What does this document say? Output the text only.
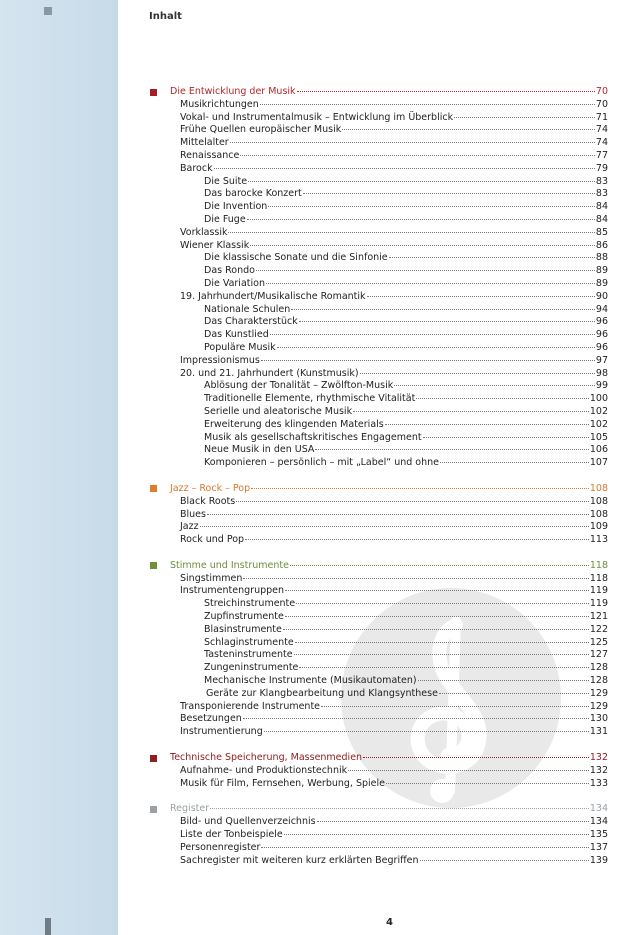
Inhalt
Die Entwicklung der Musik	70
Musikrichtungen	70
Vokal- und Instrumentalmusik – Entwicklung im Überblick	71
Frühe Quellen europäischer Musik	74
Mittelalter	74
Renaissance	77
Barock	79
Die Suite	83
Das barocke Konzert	83
Die Invention	84
Die Fuge	84
Vorklassik	85
Wiener Klassik	86
Die klassische Sonate und die Sinfonie	88
Das Rondo	89
Die Variation	89
19. Jahrhundert/Musikalische Romantik	90
Nationale Schulen	94
Das Charakterstück	96
Das Kunstlied	96
Populäre Musik	96
Impressionismus	97
20. und 21. Jahrhundert (Kunstmusik)	98
Ablösung der Tonalität – Zwölfton-Musik	99
Traditionelle Elemente, rhythmische Vitalität	100
Serielle und aleatorische Musik	102
Erweiterung des klingenden Materials	102
Musik als gesellschaftskritisches Engagement	105
Neue Musik in den USA	106
Komponieren – persönlich – mit „Label“ und ohne	107
Jazz – Rock – Pop	108
Black Roots	108
Blues	108
Jazz	109
Rock und Pop	113
Stimme und Instrumente	118
Singstimmen	118
Instrumentengruppen	119
Streichinstrumente	119
Zupfinstrumente	121
Blasinstrumente	122
Schlaginstrumente	125
Tasteninstrumente	127
Zungeninstrumente	128
Mechanische Instrumente (Musikautomaten)	128
Geräte zur Klangbearbeitung und Klangsynthese	129
Transponierende Instrumente	129
Besetzungen	130
Instrumentierung	131
Technische Speicherung, Massenmedien	132
Aufnahme- und Produktionstechnik	132
Musik für Film, Fernsehen, Werbung, Spiele	133
Register	134
Bild- und Quellenverzeichnis	134
Liste der Tonbeispiele	135
Personenregister	137
Sachregister mit weiteren kurz erklärten Begriffen	139
4
